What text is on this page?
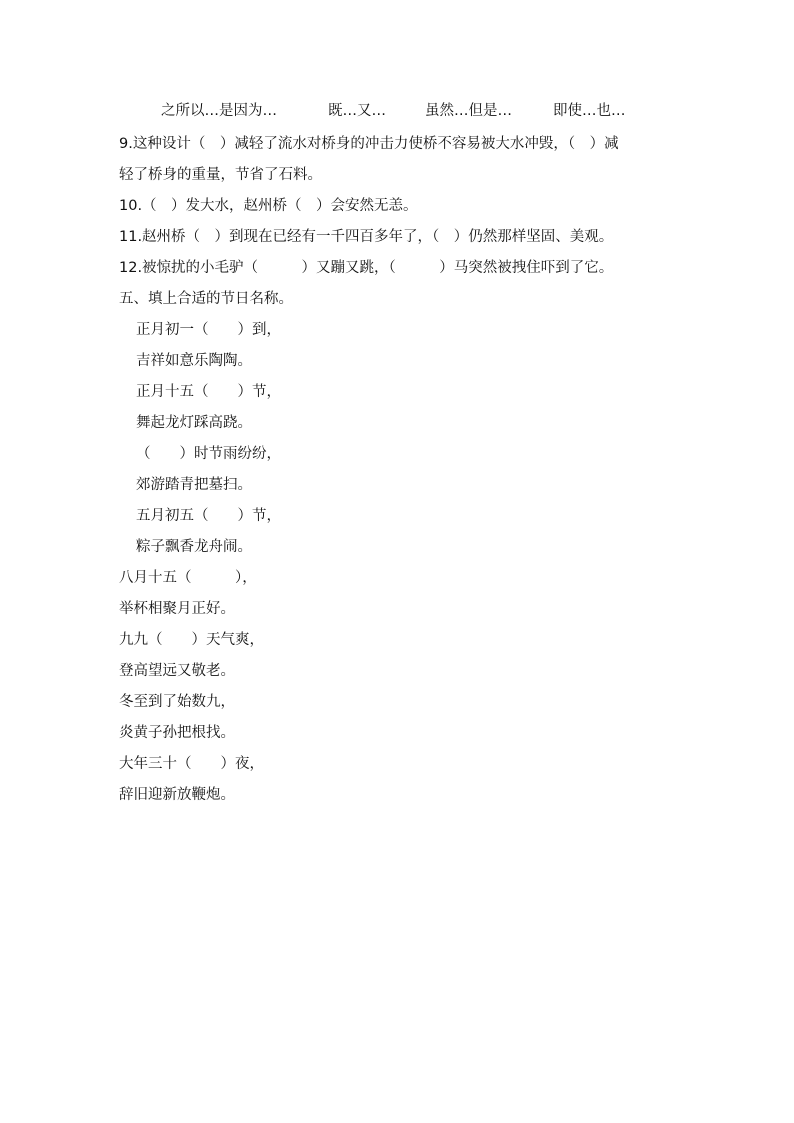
之所以…是因为…	既…又…	虽然…但是…	即使…也…
9.这种设计（　）减轻了流水对桥身的冲击力使桥不容易被大水冲毁，（　）减
轻了桥身的重量，节省了石料。
10.（　）发大水，赵州桥（　）会安然无恙。
11.赵州桥（　）到现在已经有一千四百多年了，（　）仍然那样坚固、美观。
12.被惊扰的小毛驴（　　　）又蹦又跳，（　　　）马突然被拽住吓到了它。
五、填上合适的节日名称。
正月初一（　　）到，
吉祥如意乐陶陶。
正月十五（　　）节，
舞起龙灯踩高跷。
（　　）时节雨纷纷，
郊游踏青把墓扫。
五月初五（　　）节，
粽子飘香龙舟闹。
八月十五（　　　），
举杯相聚月正好。
九九（　　）天气爽，
登高望远又敬老。
冬至到了始数九，
炎黄子孙把根找。
大年三十（　　）夜，
辞旧迎新放鞭炮。
